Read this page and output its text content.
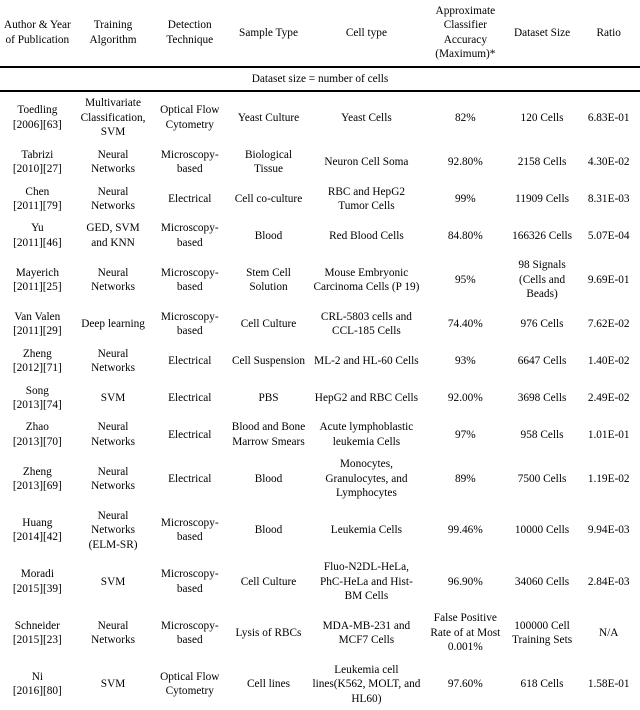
Author & Year of Publication	Training Algorithm	Detection Technique	Sample Type	Cell type	Approximate Classifier Accuracy (Maximum)*	Dataset Size	Ratio

Dataset size = number of cells							

Toedling
[2006][63]	Multivariate Classification, SVM	Optical Flow Cytometry	Yeast Culture	Yeast Cells	82%	120 Cells	6.83E-01

Tabrizi
[2010][27]	Neural Networks	Microscopy-based	Biological Tissue	Neuron Cell Soma	92.80%	2158 Cells	4.30E-02

Chen
[2011][79]	Neural Networks	Electrical	Cell co-culture	RBC and HepG2 Tumor Cells	99%	11909 Cells	8.31E-03

Yu
[2011][46]	GED, SVM and KNN	Microscopy-based	Blood	Red Blood Cells	84.80%	166326 Cells	5.07E-04

Mayerich
[2011][25]	Neural Networks	Microscopy-based	Stem Cell Solution	Mouse Embryonic Carcinoma Cells (P 19)	95%	98 Signals (Cells and Beads)	9.69E-01

Van Valen
[2011][29]	Deep learning	Microscopy-based	Cell Culture	CRL-5803 cells and CCL-185 Cells	74.40%	976 Cells	7.62E-02

Zheng
[2012][71]	Neural Networks	Electrical	Cell Suspension	ML-2 and HL-60 Cells	93%	6647 Cells	1.40E-02

Song
[2013][74]	SVM	Electrical	PBS	HepG2 and RBC Cells	92.00%	3698 Cells	2.49E-02

Zhao
[2013][70]	Neural Networks	Electrical	Blood and Bone Marrow Smears	Acute lymphoblastic leukemia Cells	97%	958 Cells	1.01E-01

Zheng
[2013][69]	Neural Networks	Electrical	Blood	Monocytes, Granulocytes, and Lymphocytes	89%	7500 Cells	1.19E-02

Huang
[2014][42]	Neural Networks (ELM-SR)	Microscopy-based	Blood	Leukemia Cells	99.46%	10000 Cells	9.94E-03

Moradi
[2015][39]	SVM	Microscopy-based	Cell Culture	Fluo-N2DL-HeLa, PhC-HeLa and Hist-BM Cells	96.90%	34060 Cells	2.84E-03

Schneider
[2015][23]	Neural Networks	Microscopy-based	Lysis of RBCs	MDA-MB-231 and MCF7 Cells	False Positive Rate of at Most 0.001%	100000 Cell Training Sets	N/A

Ni
[2016][80]	SVM	Optical Flow Cytometry	Cell lines	Leukemia cell lines(K562, MOLT, and HL60)	97.60%	618 Cells	1.58E-01
